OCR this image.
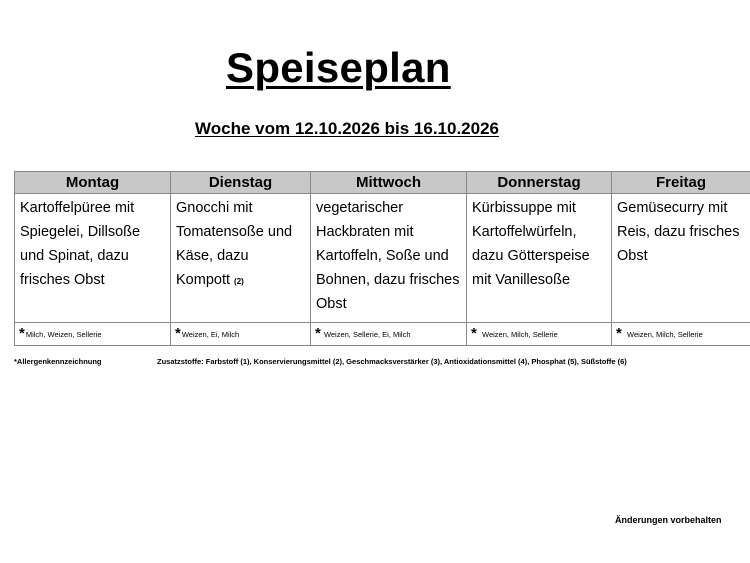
Speiseplan
Woche vom 12.10.2026 bis 16.10.2026
Montag	Dienstag	Mittwoch	Donnerstag	Freitag
Kartoffelpüree mit Spiegelei, Dillsoße und Spinat, dazu frisches Obst	Gnocchi mit Tomatensoße und Käse, dazu Kompott (2)	vegetarischer Hackbraten mit Kartoffeln, Soße und Bohnen, dazu frisches Obst	Kürbissuppe mit Kartoffelwürfeln, dazu Götterspeise mit Vanillesoße	Gemüsecurry mit Reis, dazu frisches Obst
*Milch, Weizen, Sellerie	*Weizen, Ei, Milch	* Weizen, Sellerie, Ei, Milch	* Weizen, Milch, Sellerie	* Weizen, Milch, Sellerie
*Allergenkennzeichnung	Zusatzstoffe: Farbstoff (1), Konservierungsmittel (2), Geschmacksverstärker (3), Antioxidationsmittel (4), Phosphat (5), Süßstoffe (6)
Änderungen vorbehalten
